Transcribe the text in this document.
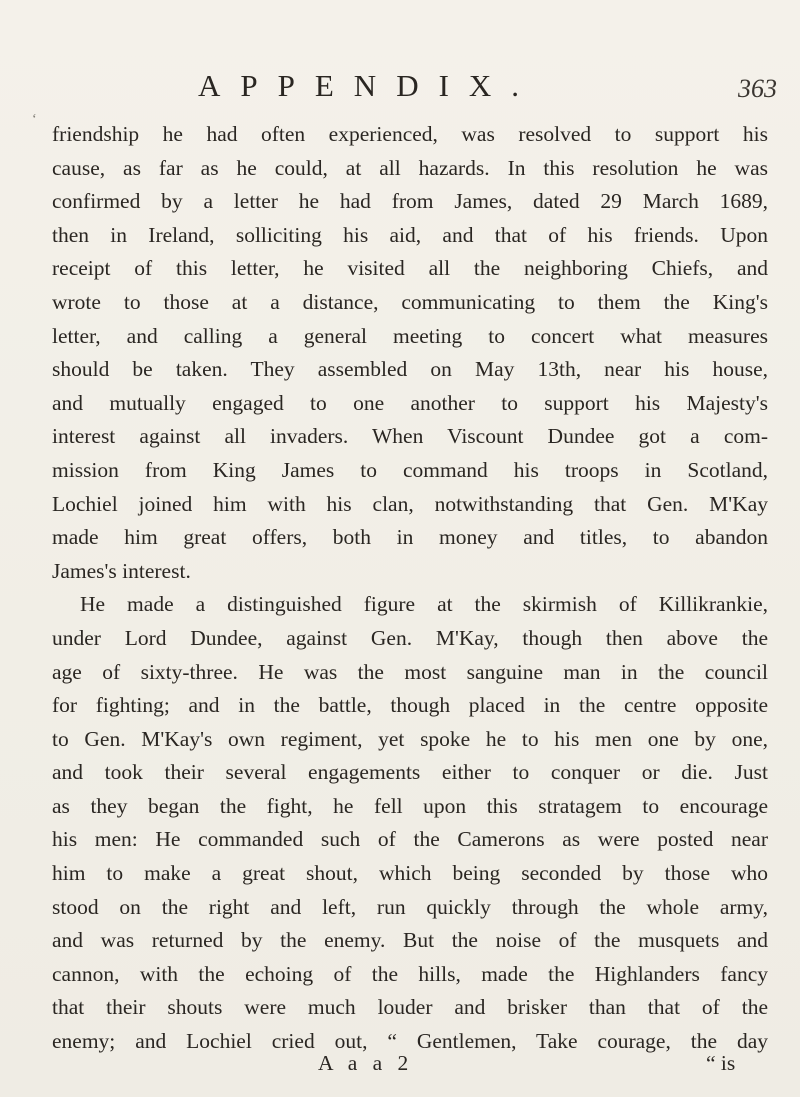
APPENDIX.	363
‘
friendship he had often experienced, was resolved to support his
cause, as far as he could, at all hazards. In this resolution he was
confirmed by a letter he had from James, dated 29 March 1689,
then in Ireland, solliciting his aid, and that of his friends. Upon
receipt of this letter, he visited all the neighboring Chiefs, and
wrote to those at a distance, communicating to them the King's
letter, and calling a general meeting to concert what measures
should be taken. They assembled on May 13th, near his house,
and mutually engaged to one another to support his Majesty's
interest against all invaders. When Viscount Dundee got a com-
mission from King James to command his troops in Scotland,
Lochiel joined him with his clan, notwithstanding that Gen. M'Kay
made him great offers, both in money and titles, to abandon
James's interest.
He made a distinguished figure at the skirmish of Killikrankie,
under Lord Dundee, against Gen. M'Kay, though then above the
age of sixty-three. He was the most sanguine man in the council
for fighting; and in the battle, though placed in the centre opposite
to Gen. M'Kay's own regiment, yet spoke he to his men one by one,
and took their several engagements either to conquer or die. Just
as they began the fight, he fell upon this stratagem to encourage
his men: He commanded such of the Camerons as were posted near
him to make a great shout, which being seconded by those who
stood on the right and left, run quickly through the whole army,
and was returned by the enemy. But the noise of the musquets and
cannon, with the echoing of the hills, made the Highlanders fancy
that their shouts were much louder and brisker than that of the
enemy; and Lochiel cried out, “ Gentlemen, Take courage, the day
A a a 2	“ is
